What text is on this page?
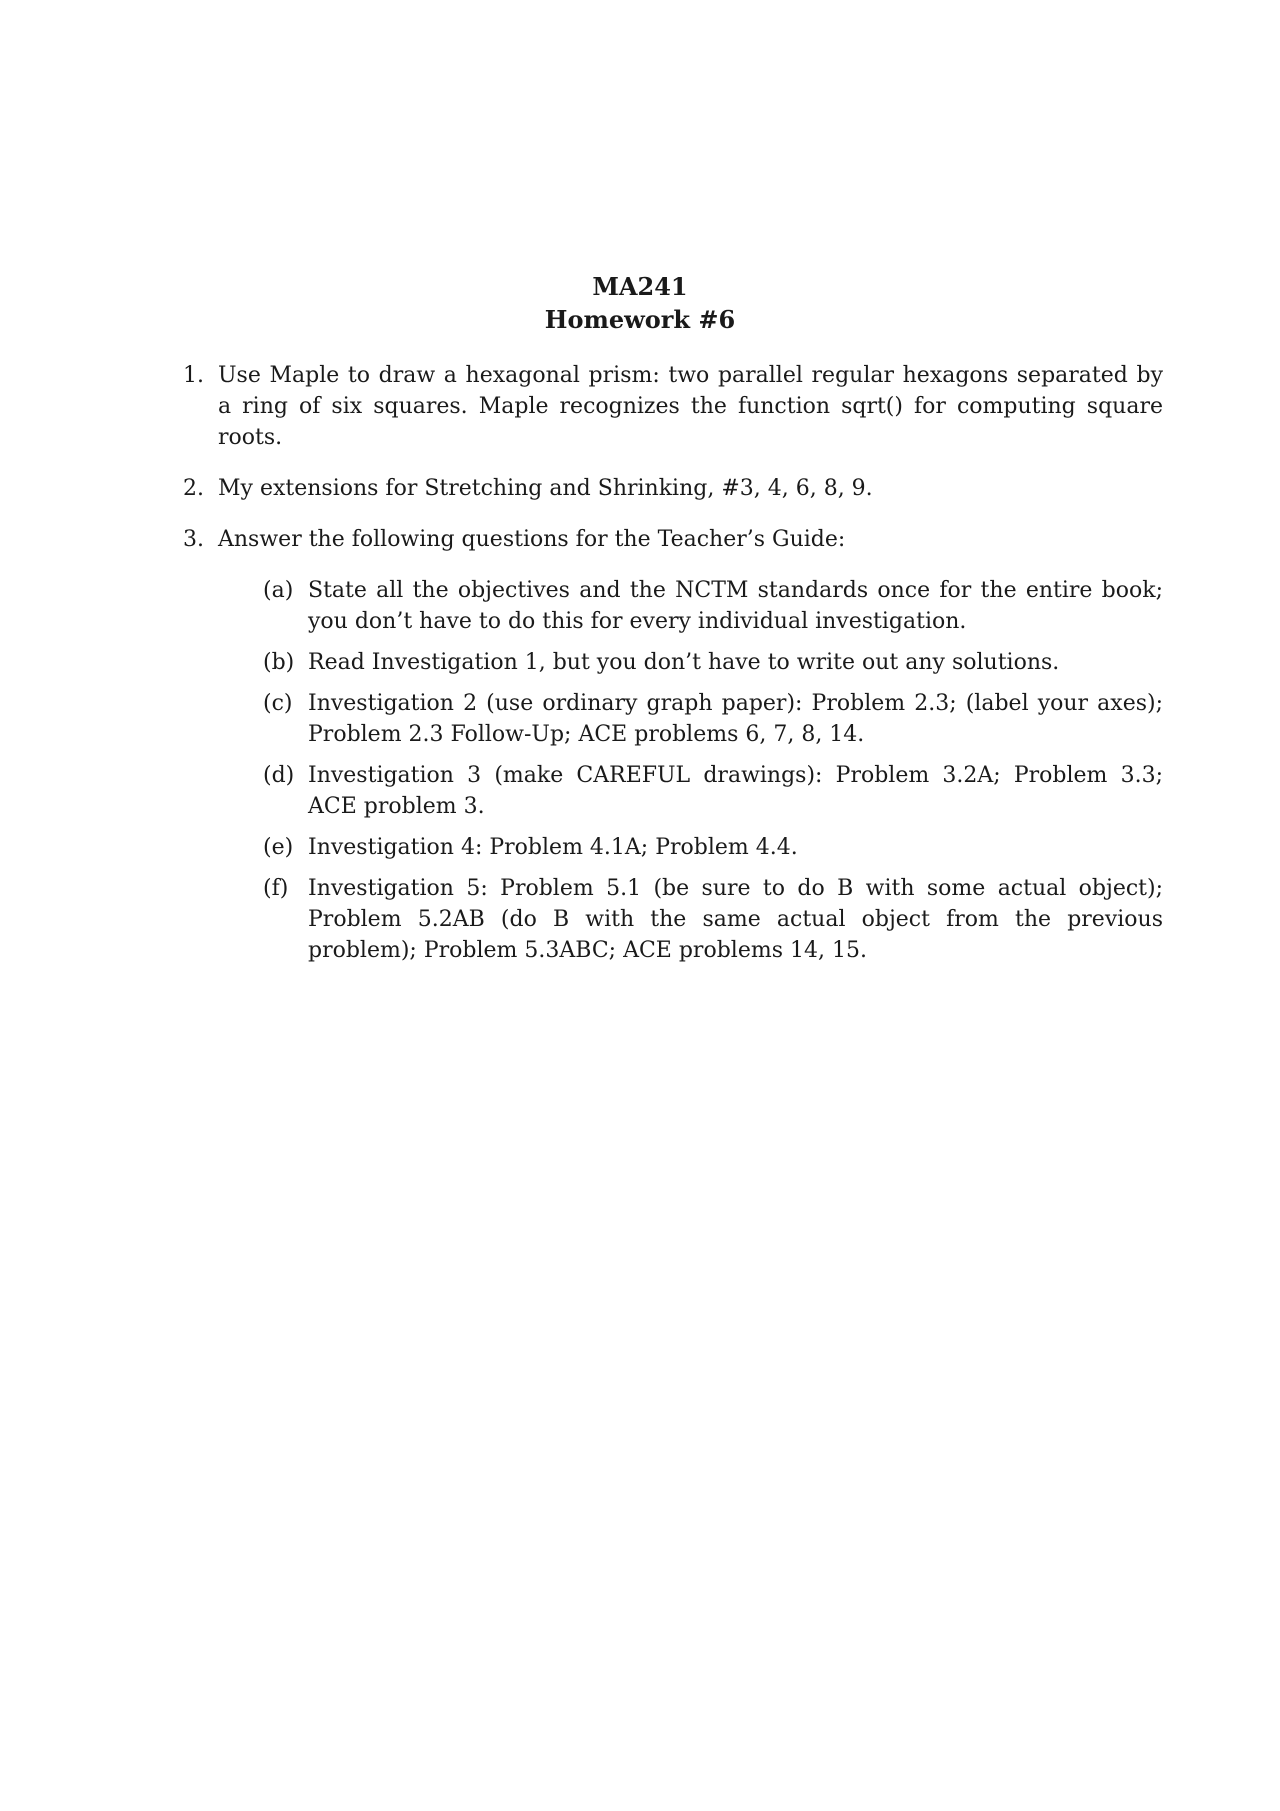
MA241
Homework #6
1. Use Maple to draw a hexagonal prism: two parallel regular hexagons separated by a ring of six squares. Maple recognizes the function sqrt() for computing square roots.
2. My extensions for Stretching and Shrinking, #3, 4, 6, 8, 9.
3. Answer the following questions for the Teacher’s Guide:
(a) State all the objectives and the NCTM standards once for the entire book; you don’t have to do this for every individual investigation.
(b) Read Investigation 1, but you don’t have to write out any solutions.
(c) Investigation 2 (use ordinary graph paper): Problem 2.3; (label your axes); Problem 2.3 Follow-Up; ACE problems 6, 7, 8, 14.
(d) Investigation 3 (make CAREFUL drawings): Problem 3.2A; Problem 3.3; ACE problem 3.
(e) Investigation 4: Problem 4.1A; Problem 4.4.
(f) Investigation 5: Problem 5.1 (be sure to do B with some actual object); Problem 5.2AB (do B with the same actual object from the previous problem); Problem 5.3ABC; ACE problems 14, 15.
